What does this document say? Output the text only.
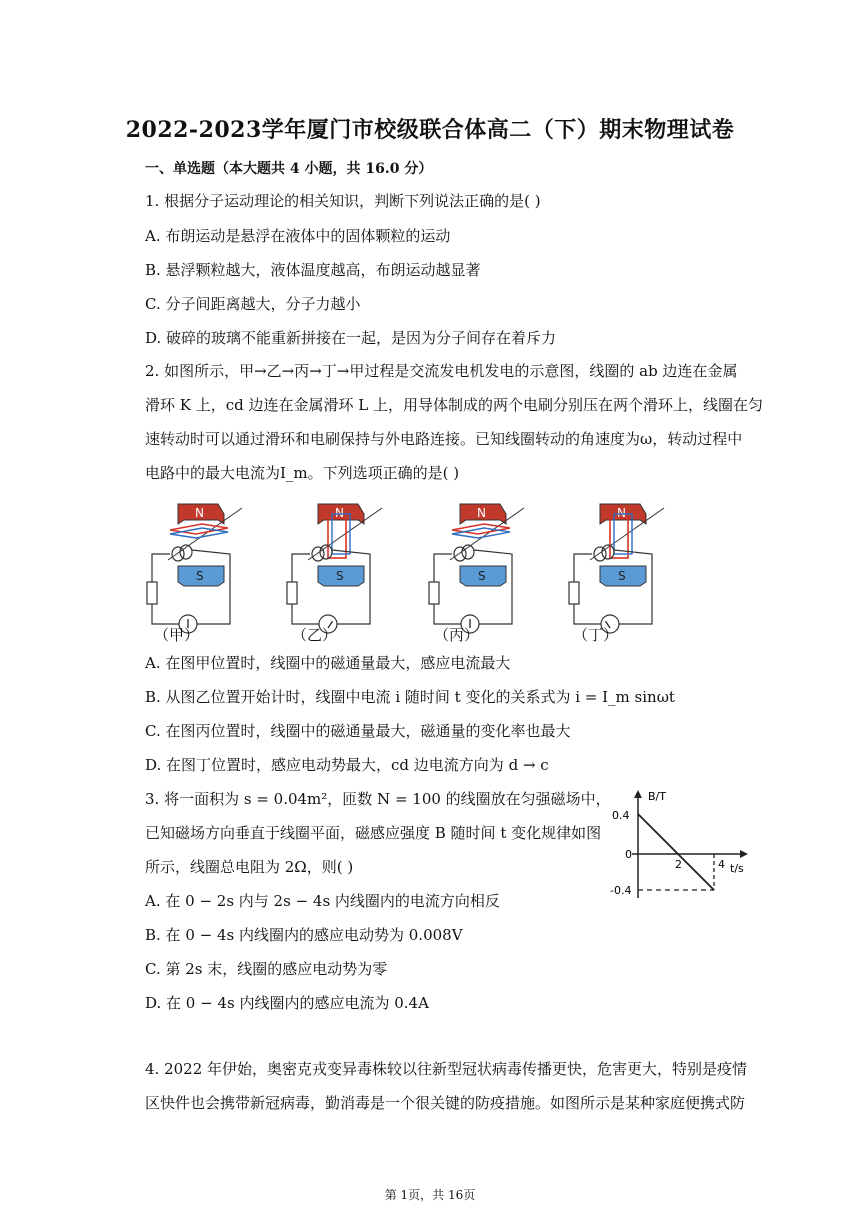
2022-2023学年厦门市校级联合体高二（下）期末物理试卷
一、单选题（本大题共 4 小题，共 16.0 分）
1. 根据分子运动理论的相关知识，判断下列说法正确的是( )
A. 布朗运动是悬浮在液体中的固体颗粒的运动
B. 悬浮颗粒越大，液体温度越高，布朗运动越显著
C. 分子间距离越大，分子力越小
D. 破碎的玻璃不能重新拼接在一起，是因为分子间存在着斥力
2. 如图所示，甲→乙→丙→丁→甲过程是交流发电机发电的示意图，线圈的 ab 边连在金属
滑环 K 上，cd 边连在金属滑环 L 上，用导体制成的两个电刷分别压在两个滑环上，线圈在匀
速转动时可以通过滑环和电刷保持与外电路连接。已知线圈转动的角速度为ω，转动过程中
电路中的最大电流为I_m。下列选项正确的是( )
N
S
N
S
N
S
N
S
（甲）	（乙）	（丙）	（丁）
A. 在图甲位置时，线圈中的磁通量最大，感应电流最大
B. 从图乙位置开始计时，线圈中电流 i 随时间 t 变化的关系式为 i = I_m sinωt
C. 在图丙位置时，线圈中的磁通量最大，磁通量的变化率也最大
D. 在图丁位置时，感应电动势最大，cd 边电流方向为 d → c
3. 将一面积为 s = 0.04m²，匝数 N = 100 的线圈放在匀强磁场中，
已知磁场方向垂直于线圈平面，磁感应强度 B 随时间 t 变化规律如图
所示，线圈总电阻为 2Ω，则( )
A. 在 0 − 2s 内与 2s − 4s 内线圈内的电流方向相反
B. 在 0 − 4s 内线圈内的感应电动势为 0.008V
C. 第 2s 末，线圈的感应电动势为零
D. 在 0 − 4s 内线圈内的感应电流为 0.4A
B/T
t/s
0.4
0
-0.4
2	4
4. 2022 年伊始，奥密克戎变异毒株较以往新型冠状病毒传播更快，危害更大，特别是疫情
区快件也会携带新冠病毒，勤消毒是一个很关键的防疫措施。如图所示是某种家庭便携式防
第 1页，共 16页
